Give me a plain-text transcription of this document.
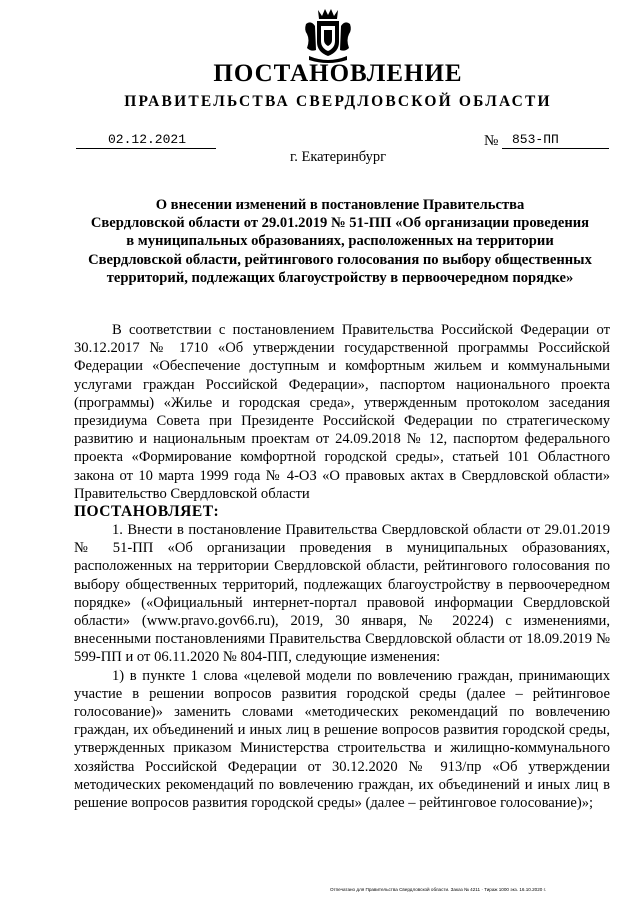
ПОСТАНОВЛЕНИЕ
ПРАВИТЕЛЬСТВА СВЕРДЛОВСКОЙ ОБЛАСТИ
02.12.2021	№ 853-ПП
г. Екатеринбург
О внесении изменений в постановление Правительства
Свердловской области от 29.01.2019 № 51-ПП «Об организации проведения
в муниципальных образованиях, расположенных на территории
Свердловской области, рейтингового голосования по выбору общественных
территорий, подлежащих благоустройству в первоочередном порядке»

В соответствии с постановлением Правительства Российской Федерации от 30.12.2017 № 1710 «Об утверждении государственной программы Российской Федерации «Обеспечение доступным и комфортным жильем и коммунальными услугами граждан Российской Федерации», паспортом национального проекта (программы) «Жилье и городская среда», утвержденным протоколом заседания президиума Совета при Президенте Российской Федерации по стратегическому развитию и национальным проектам от 24.09.2018 № 12, паспортом федерального проекта «Формирование комфортной городской среды», статьей 101 Областного закона от 10 марта 1999 года № 4-ОЗ «О правовых актах в Свердловской области» Правительство Свердловской области

ПОСТАНОВЛЯЕТ:

1. Внести в постановление Правительства Свердловской области от 29.01.2019 № 51-ПП «Об организации проведения в муниципальных образованиях, расположенных на территории Свердловской области, рейтингового голосования по выбору общественных территорий, подлежащих благоустройству в первоочередном порядке» («Официальный интернет-портал правовой информации Свердловской области» (www.pravo.gov66.ru), 2019, 30 января, № 20224) с изменениями, внесенными постановлениями Правительства Свердловской области от 18.09.2019 № 599-ПП и от 06.11.2020 № 804-ПП, следующие изменения:

1) в пункте 1 слова «целевой модели по вовлечению граждан, принимающих участие в решении вопросов развития городской среды (далее – рейтинговое голосование)» заменить словами «методических рекомендаций по вовлечению граждан, их объединений и иных лиц в решение вопросов развития городской среды, утвержденных приказом Министерства строительства и жилищно-коммунального хозяйства Российской Федерации от 30.12.2020 № 913/пр «Об утверждении методических рекомендаций по вовлечению граждан, их объединений и иных лиц в решение вопросов развития городской среды» (далее – рейтинговое голосование)»;

Отпечатано для Правительства Свердловской области. Заказ № 4211 · Тираж 1000 экз. 16.10.2020 г.
